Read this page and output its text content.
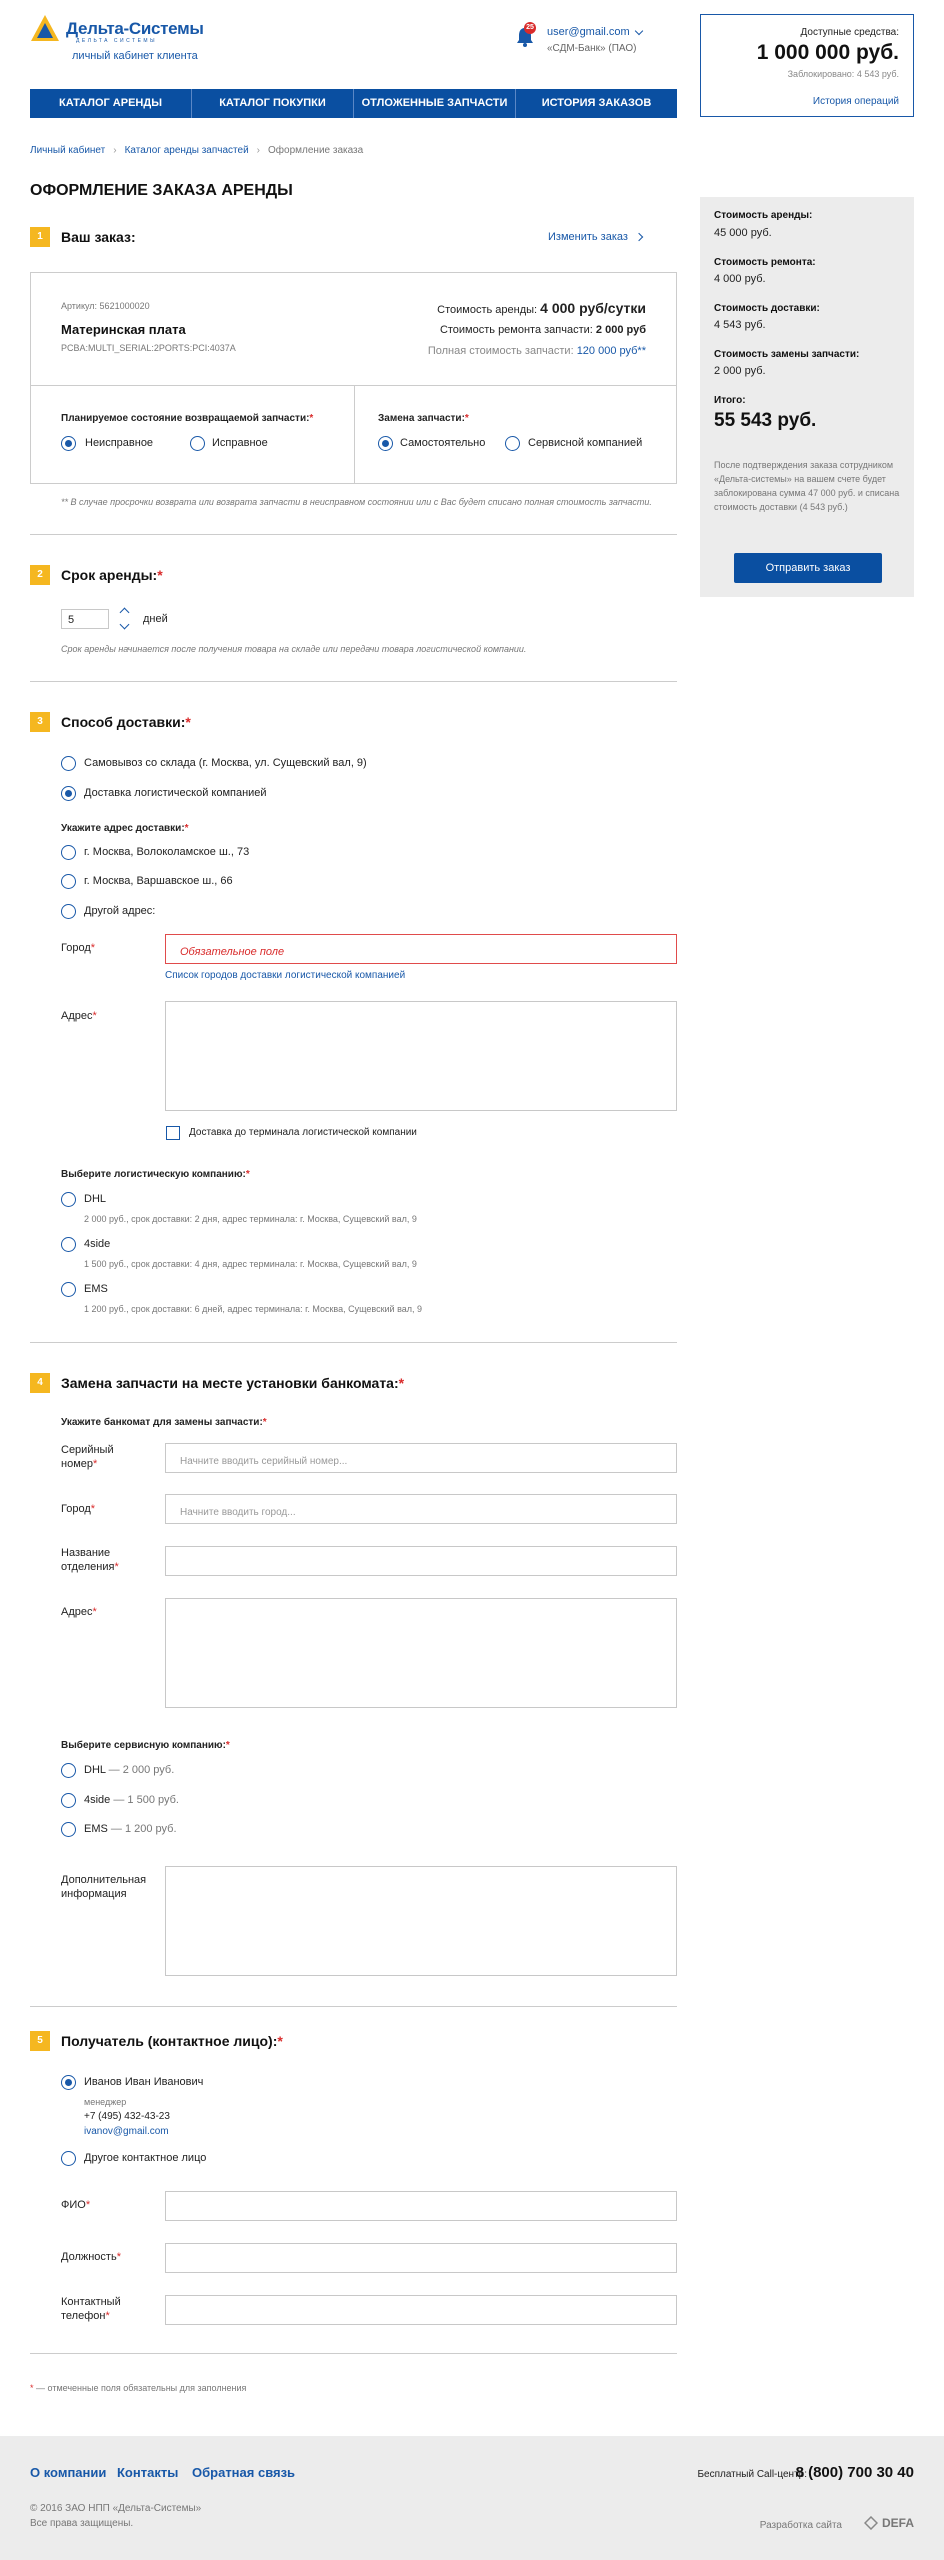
Дельта-Системы
ДЕЛЬТА СИСТЕМЫ
личный кабинет клиента
25 user@gmail.com
«СДМ-Банк» (ПАО)
Доступные средства:
1 000 000 руб.
Заблокировано: 4 543 руб.
История операций
КАТАЛОГ АРЕНДЫ	КАТАЛОГ ПОКУПКИ	ОТЛОЖЕННЫЕ ЗАПЧАСТИ	ИСТОРИЯ ЗАКАЗОВ
Личный кабинет › Каталог аренды запчастей › Оформление заказа
ОФОРМЛЕНИЕ ЗАКАЗА АРЕНДЫ
1	Ваш заказ:	Изменить заказ
Артикул: 5621000020
Материнская плата
PCBA:MULTI_SERIAL:2PORTS:PCI:4037A
Стоимость аренды: 4 000 руб/сутки
Стоимость ремонта запчасти: 2 000 руб
Полная стоимость запчасти: 120 000 руб**
Планируемое состояние возвращаемой запчасти:*
Неисправное	Исправное
Замена запчасти:*
Самостоятельно	Сервисной компанией
** В случае просрочки возврата или возврата запчасти в неисправном состоянии или с Вас будет списано полная стоимость запчасти.
2	Срок аренды:*
5	дней
Срок аренды начинается после получения товара на складе или передачи товара логистической компании.
3	Способ доставки:*
Самовывоз со склада (г. Москва, ул. Сущевский вал, 9)
Доставка логистической компанией
Укажите адрес доставки:*
г. Москва, Волоколамское ш., 73
г. Москва, Варшавское ш., 66
Другой адрес:
Город*	Обязательное поле
Список городов доставки логистической компанией
Адрес*
Доставка до терминала логистической компании
Выберите логистическую компанию:*
DHL
2 000 руб., срок доставки: 2 дня, адрес терминала: г. Москва, Сущевский вал, 9
4side
1 500 руб., срок доставки: 4 дня, адрес терминала: г. Москва, Сущевский вал, 9
EMS
1 200 руб., срок доставки: 6 дней, адрес терминала: г. Москва, Сущевский вал, 9
4	Замена запчасти на месте установки банкомата:*
Укажите банкомат для замены запчасти:*
Серийный
номер*	Начните вводить серийный номер...
Город*	Начните вводить город...
Название
отделения*
Адрес*
Выберите сервисную компанию:*
DHL — 2 000 руб.
4side — 1 500 руб.
EMS — 1 200 руб.
Дополнительная
информация
5	Получатель (контактное лицо):*
Иванов Иван Иванович
менеджер
+7 (495) 432-43-23
ivanov@gmail.com
Другое контактное лицо
ФИО*
Должность*
Контактный
телефон*
* — отмеченные поля обязательны для заполнения
Стоимость аренды:
45 000 руб.
Стоимость ремонта:
4 000 руб.
Стоимость доставки:
4 543 руб.
Стоимость замены запчасти:
2 000 руб.
Итого:
55 543 руб.
После подтверждения заказа сотрудником «Дельта-системы» на вашем счете будет заблокирована сумма 47 000 руб. и списана стоимость доставки (4 543 руб.)
Отправить заказ
О компании Контакты Обратная связь	Бесплатный Call-центр:
8 (800) 700 30 40
© 2016 ЗАО НПП «Дельта-Системы»
Все права защищены.	Разработка сайта	DEFA
